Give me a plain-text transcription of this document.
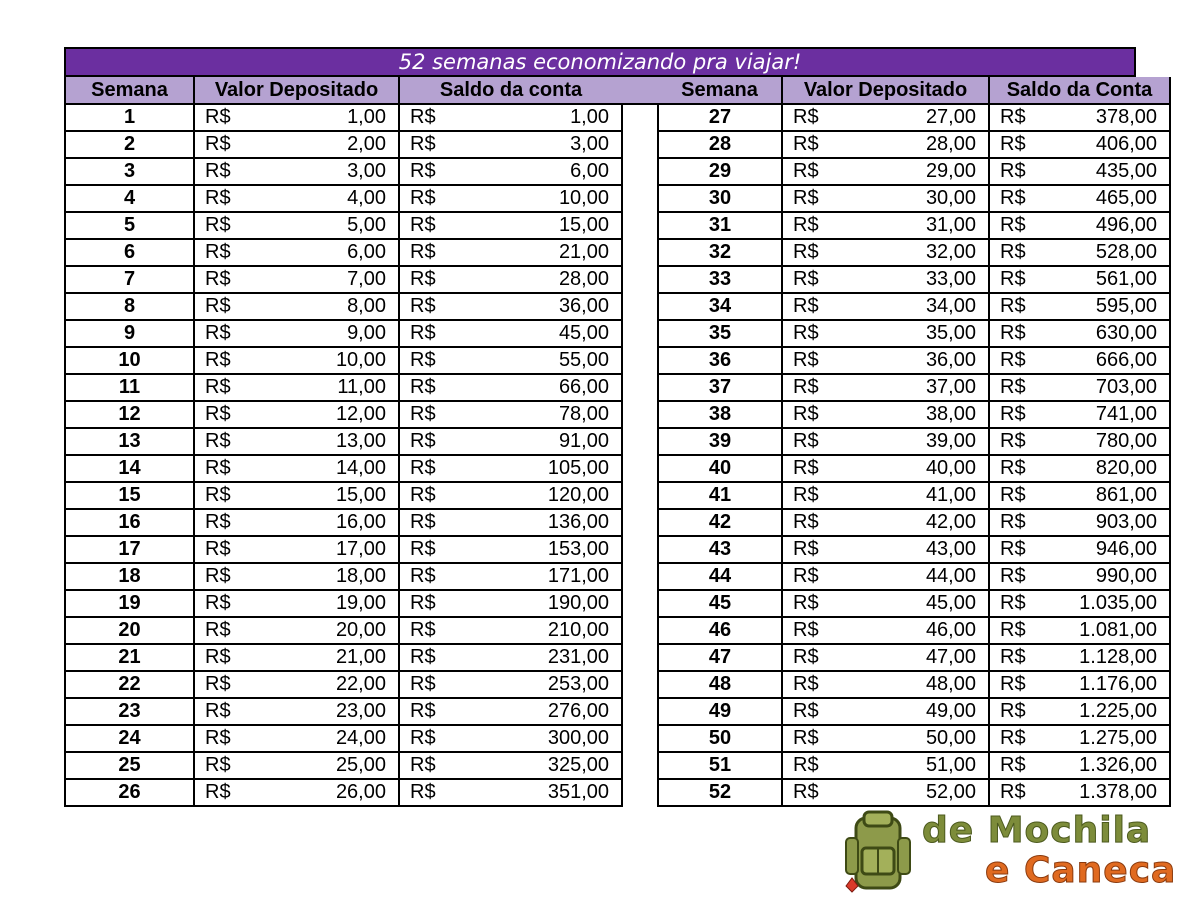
52 semanas economizando pra viajar!
Semana	Valor Depositado		Saldo da conta			Semana	Valor Depositado		Saldo da Conta	
1	R$	1,00	R$	1,00		27	R$	27,00	R$	378,00
2	R$	2,00	R$	3,00		28	R$	28,00	R$	406,00
3	R$	3,00	R$	6,00		29	R$	29,00	R$	435,00
4	R$	4,00	R$	10,00		30	R$	30,00	R$	465,00
5	R$	5,00	R$	15,00		31	R$	31,00	R$	496,00
6	R$	6,00	R$	21,00		32	R$	32,00	R$	528,00
7	R$	7,00	R$	28,00		33	R$	33,00	R$	561,00
8	R$	8,00	R$	36,00		34	R$	34,00	R$	595,00
9	R$	9,00	R$	45,00		35	R$	35,00	R$	630,00
10	R$	10,00	R$	55,00		36	R$	36,00	R$	666,00
11	R$	11,00	R$	66,00		37	R$	37,00	R$	703,00
12	R$	12,00	R$	78,00		38	R$	38,00	R$	741,00
13	R$	13,00	R$	91,00		39	R$	39,00	R$	780,00
14	R$	14,00	R$	105,00		40	R$	40,00	R$	820,00
15	R$	15,00	R$	120,00		41	R$	41,00	R$	861,00
16	R$	16,00	R$	136,00		42	R$	42,00	R$	903,00
17	R$	17,00	R$	153,00		43	R$	43,00	R$	946,00
18	R$	18,00	R$	171,00		44	R$	44,00	R$	990,00
19	R$	19,00	R$	190,00		45	R$	45,00	R$	1.035,00
20	R$	20,00	R$	210,00		46	R$	46,00	R$	1.081,00
21	R$	21,00	R$	231,00		47	R$	47,00	R$	1.128,00
22	R$	22,00	R$	253,00		48	R$	48,00	R$	1.176,00
23	R$	23,00	R$	276,00		49	R$	49,00	R$	1.225,00
24	R$	24,00	R$	300,00		50	R$	50,00	R$	1.275,00
25	R$	25,00	R$	325,00		51	R$	51,00	R$	1.326,00
26	R$	26,00	R$	351,00		52	R$	52,00	R$	1.378,00
de Mochila
e Caneca
